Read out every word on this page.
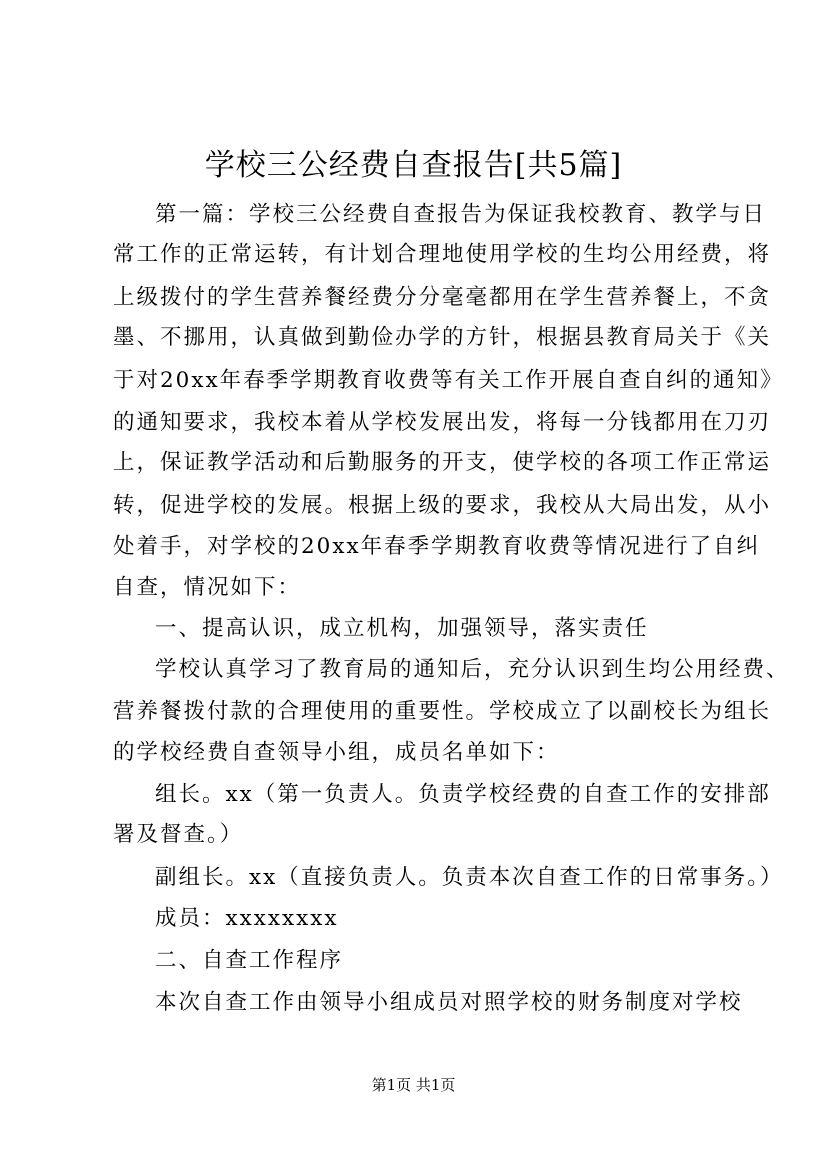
学校三公经费自查报告[共5篇]
第一篇：学校三公经费自查报告为保证我校教育、教学与日
常工作的正常运转，有计划合理地使用学校的生均公用经费，将
上级拨付的学生营养餐经费分分毫毫都用在学生营养餐上，不贪
墨、不挪用，认真做到勤俭办学的方针，根据县教育局关于《关
于对20xx年春季学期教育收费等有关工作开展自查自纠的通知》
的通知要求，我校本着从学校发展出发，将每一分钱都用在刀刃
上，保证教学活动和后勤服务的开支，使学校的各项工作正常运
转，促进学校的发展。根据上级的要求，我校从大局出发，从小
处着手，对学校的20xx年春季学期教育收费等情况进行了自纠
自查，情况如下：
一、提高认识，成立机构，加强领导，落实责任
学校认真学习了教育局的通知后，充分认识到生均公用经费、
营养餐拨付款的合理使用的重要性。学校成立了以副校长为组长
的学校经费自查领导小组，成员名单如下：
组长。xx（第一负责人。负责学校经费的自查工作的安排部
署及督查。）
副组长。xx（直接负责人。负责本次自查工作的日常事务。）
成员：xxxxxxxx
二、自查工作程序
本次自查工作由领导小组成员对照学校的财务制度对学校
第1页 共1页
